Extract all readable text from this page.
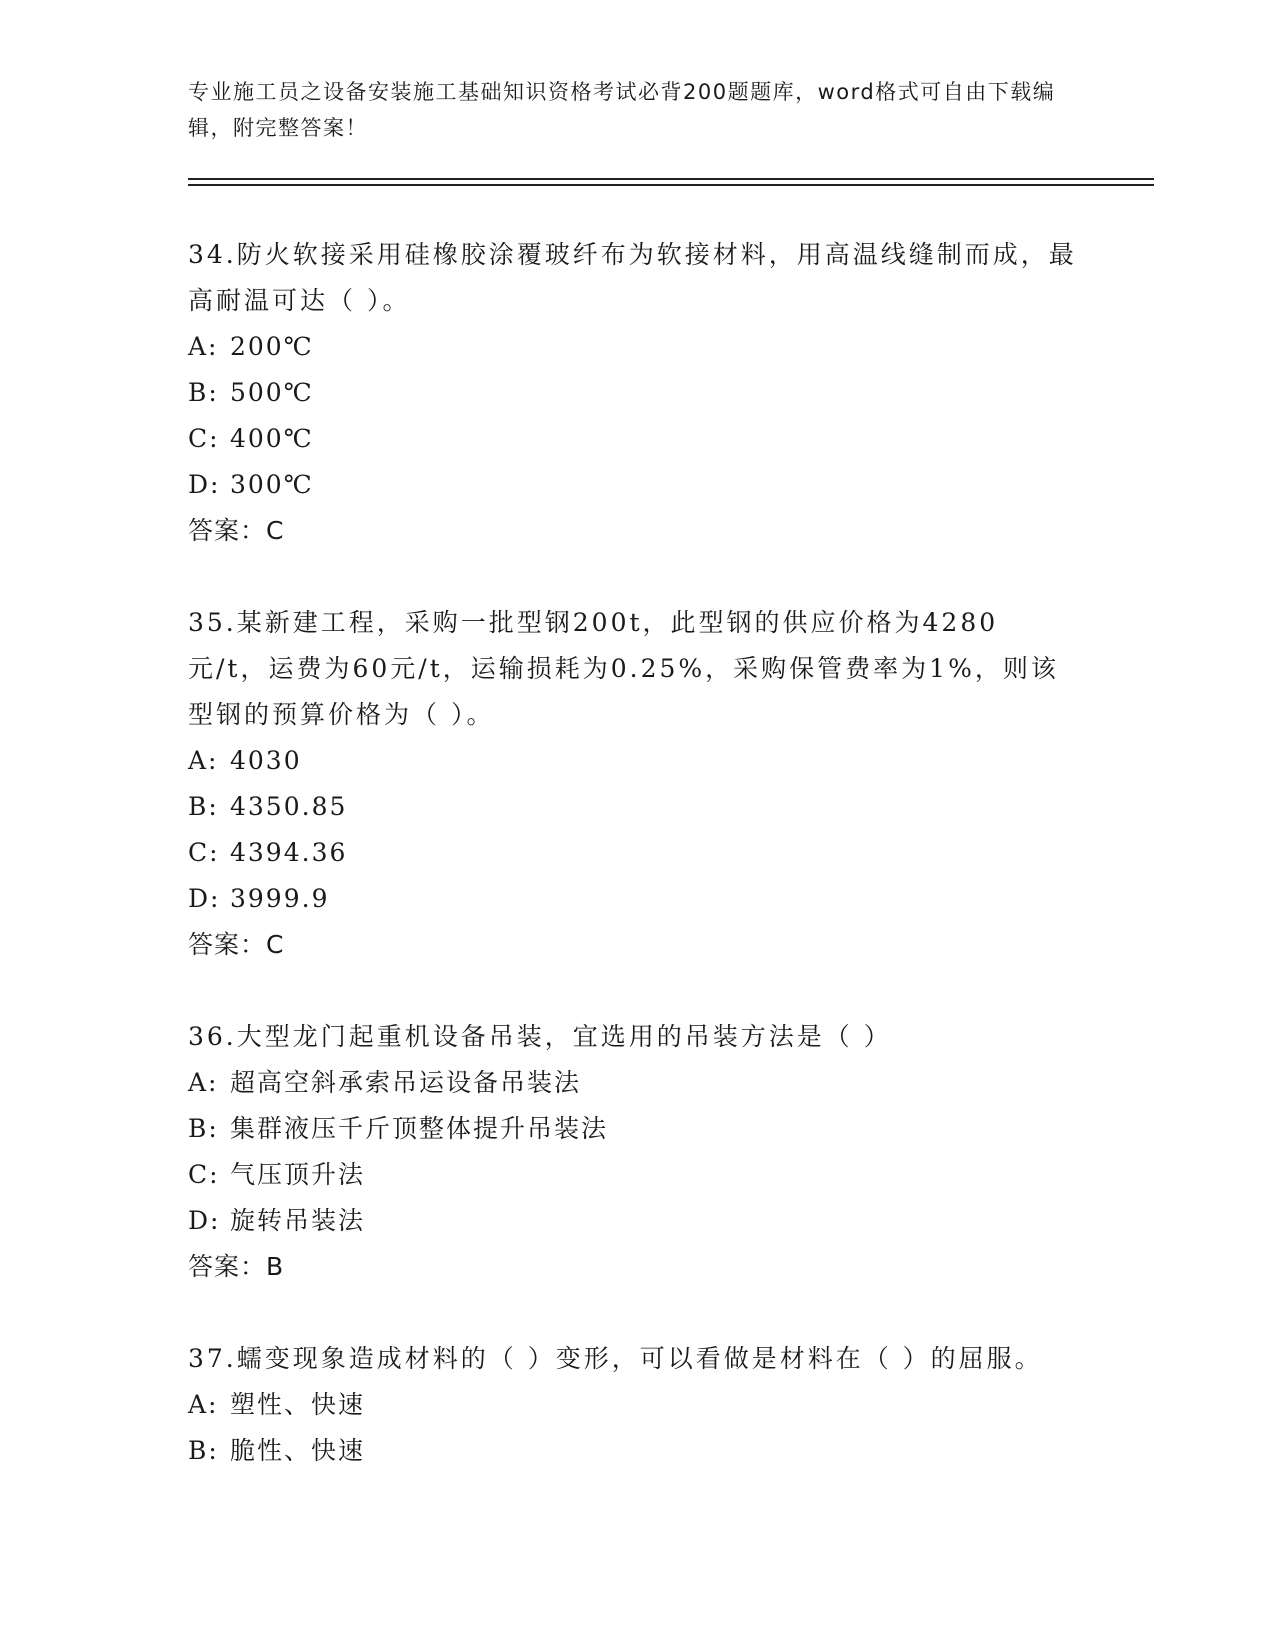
专业施工员之设备安装施工基础知识资格考试必背200题题库，word格式可自由下载编辑，附完整答案！
34.防火软接采用硅橡胶涂覆玻纤布为软接材料，用高温线缝制而成，最高耐温可达（ ）。
A: 200℃
B: 500℃
C: 400℃
D: 300℃
答案：C
35.某新建工程，采购一批型钢200t，此型钢的供应价格为4280元/t，运费为60元/t，运输损耗为0.25%，采购保管费率为1%，则该型钢的预算价格为（ ）。
A: 4030
B: 4350.85
C: 4394.36
D: 3999.9
答案：C
36.大型龙门起重机设备吊装，宜选用的吊装方法是（ ）
A: 超高空斜承索吊运设备吊装法
B: 集群液压千斤顶整体提升吊装法
C: 气压顶升法
D: 旋转吊装法
答案：B
37.蠕变现象造成材料的（ ）变形，可以看做是材料在（ ）的屈服。
A: 塑性、快速
B: 脆性、快速
